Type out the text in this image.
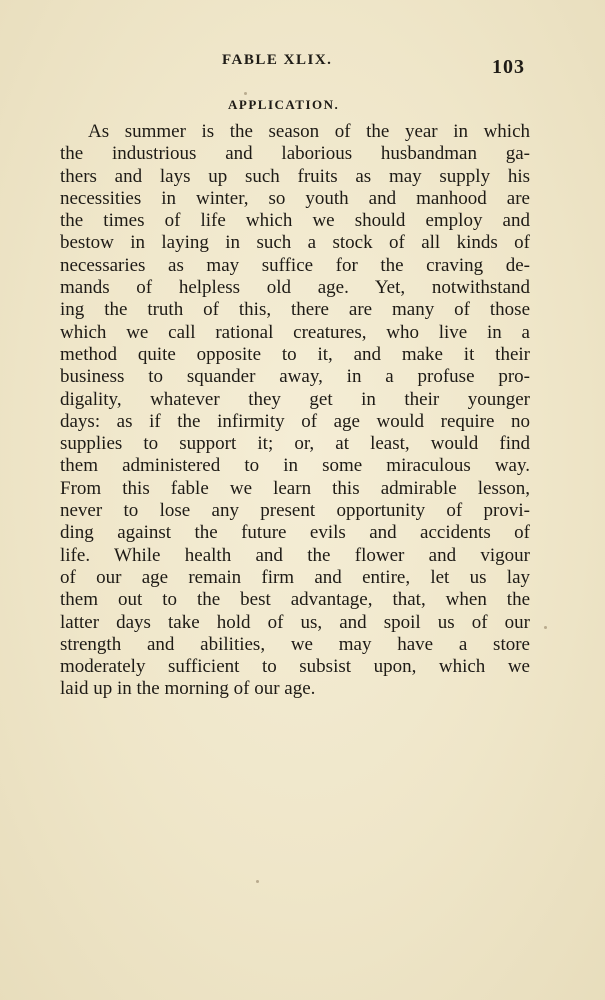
FABLE XLIX.	103
APPLICATION.
As summer is the season of the year in which
the industrious and laborious husbandman ga-
thers and lays up such fruits as may supply his
necessities in winter, so youth and manhood are
the times of life which we should employ and
bestow in laying in such a stock of all kinds of
necessaries as may suffice for the craving de-
mands of helpless old age. Yet, notwithstand
ing the truth of this, there are many of those
which we call rational creatures, who live in a
method quite opposite to it, and make it their
business to squander away, in a profuse pro-
digality, whatever they get in their younger
days: as if the infirmity of age would require no
supplies to support it; or, at least, would find
them administered to in some miraculous way.
From this fable we learn this admirable lesson,
never to lose any present opportunity of provi-
ding against the future evils and accidents of
life. While health and the flower and vigour
of our age remain firm and entire, let us lay
them out to the best advantage, that, when the
latter days take hold of us, and spoil us of our
strength and abilities, we may have a store
moderately sufficient to subsist upon, which we
laid up in the morning of our age.
